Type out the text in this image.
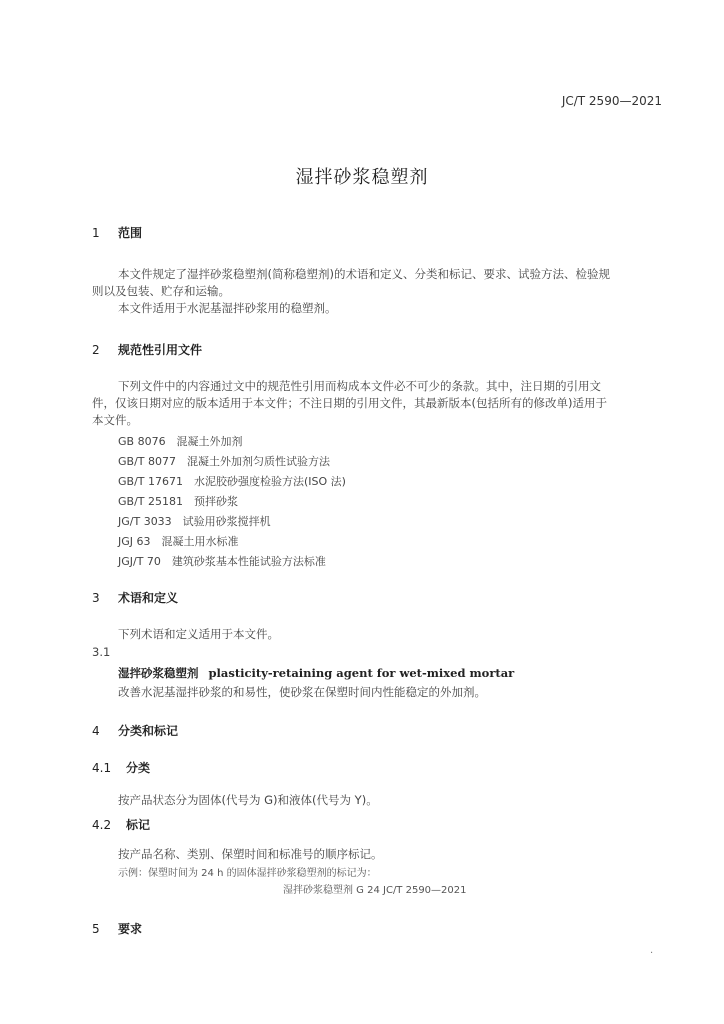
JC/T 2590—2021
湿拌砂浆稳塑剂
1 范围
本文件规定了湿拌砂浆稳塑剂(简称稳塑剂)的术语和定义、分类和标记、要求、试验方法、检验规
则以及包装、贮存和运输。
本文件适用于水泥基湿拌砂浆用的稳塑剂。
2 规范性引用文件
下列文件中的内容通过文中的规范性引用而构成本文件必不可少的条款。其中，注日期的引用文
件，仅该日期对应的版本适用于本文件；不注日期的引用文件，其最新版本(包括所有的修改单)适用于
本文件。
GB 8076　混凝土外加剂
GB/T 8077　混凝土外加剂匀质性试验方法
GB/T 17671　水泥胶砂强度检验方法(ISO 法)
GB/T 25181　预拌砂浆
JG/T 3033　试验用砂浆搅拌机
JGJ 63　混凝土用水标准
JGJ/T 70　建筑砂浆基本性能试验方法标准
3 术语和定义
下列术语和定义适用于本文件。
3.1
湿拌砂浆稳塑剂 plasticity-retaining agent for wet-mixed mortar
改善水泥基湿拌砂浆的和易性，使砂浆在保塑时间内性能稳定的外加剂。
4 分类和标记
4.1 分类
按产品状态分为固体(代号为 G)和液体(代号为 Y)。
4.2 标记
按产品名称、类别、保塑时间和标准号的顺序标记。
示例：保塑时间为 24 h 的固体湿拌砂浆稳塑剂的标记为：
湿拌砂浆稳塑剂 G 24 JC/T 2590—2021
5 要求
·
